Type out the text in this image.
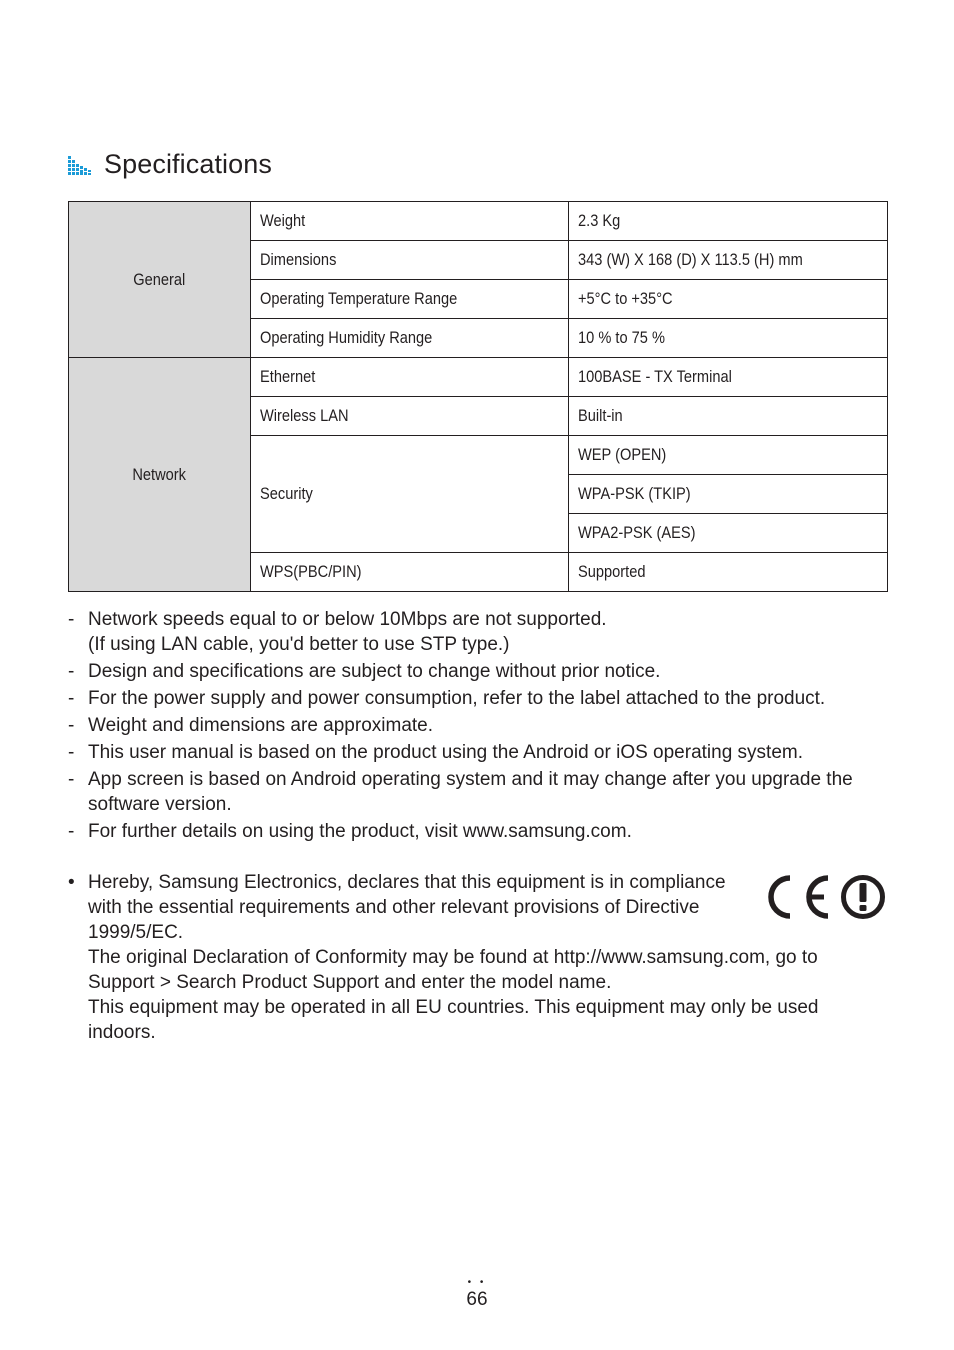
Specifications
General	Weight	2.3 Kg
	Dimensions	343 (W) X 168 (D) X 113.5 (H) mm
	Operating Temperature Range	+5°C to +35°C
	Operating Humidity Range	10 % to 75 %
Network	Ethernet	100BASE - TX Terminal
	Wireless LAN	Built-in
	Security	WEP (OPEN)
		WPA-PSK (TKIP)
		WPA2-PSK (AES)
	WPS(PBC/PIN)	Supported
- Network speeds equal to or below 10Mbps are not supported.
(If using LAN cable, you'd better to use STP type.)
- Design and specifications are subject to change without prior notice.
- For the power supply and power consumption, refer to the label attached to the product.
- Weight and dimensions are approximate.
- This user manual is based on the product using the Android or iOS operating system.
- App screen is based on Android operating system and it may change after you upgrade the
software version.
- For further details on using the product, visit www.samsung.com.
• Hereby, Samsung Electronics, declares that this equipment is in compliance
with the essential requirements and other relevant provisions of Directive
1999/5/EC.
The original Declaration of Conformity may be found at http://www.samsung.com, go to
Support > Search Product Support and enter the model name.
This equipment may be operated in all EU countries. This equipment may only be used
indoors.
• •
66
